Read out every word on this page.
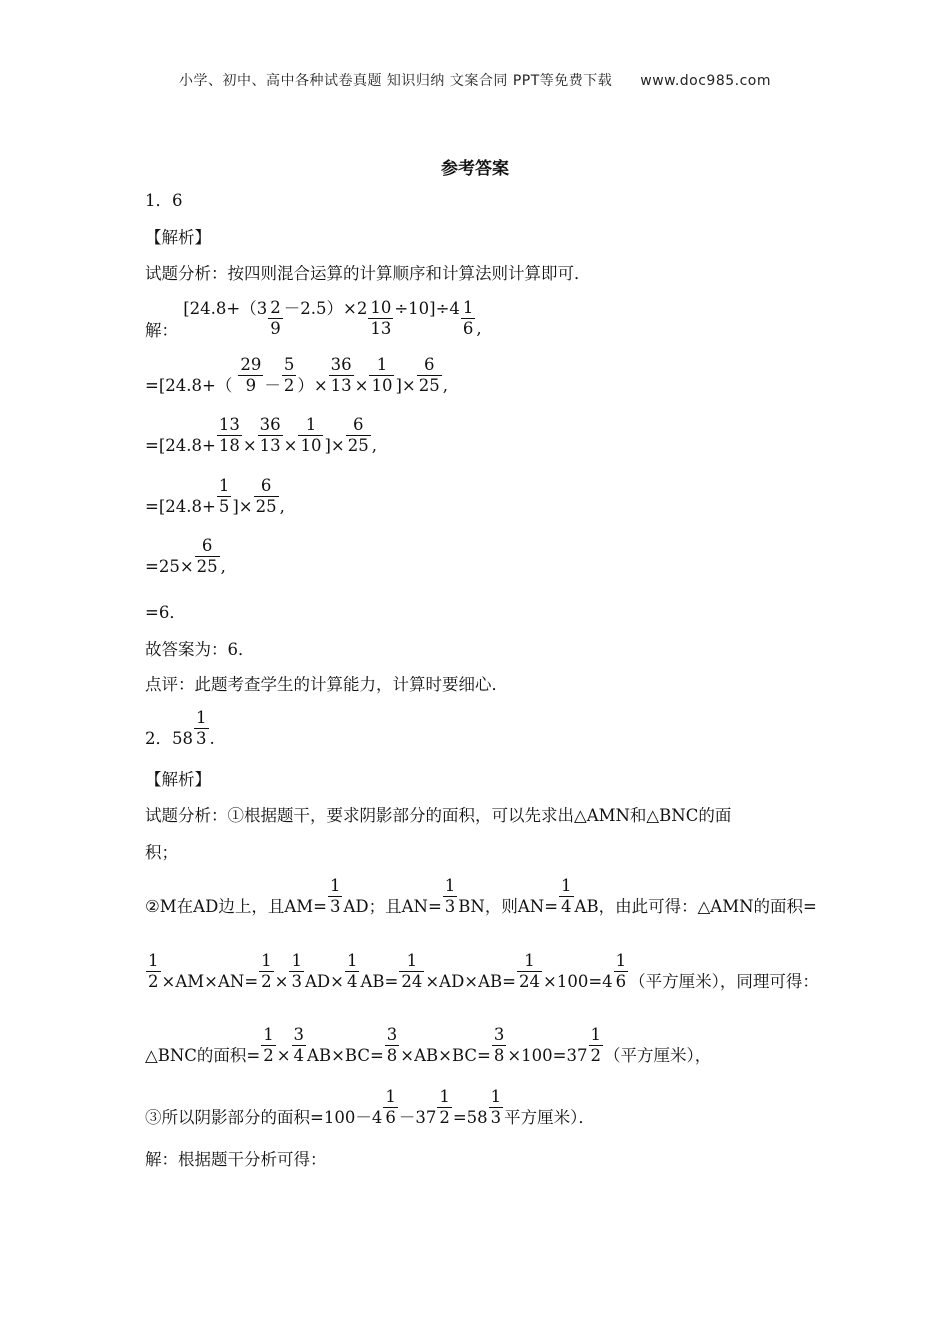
小学、初中、高中各种试卷真题 知识归纳 文案合同 PPT等免费下载 www.doc985.com
参考答案
1．6
【解析】
试题分析：按四则混合运算的计算顺序和计算法则计算即可．
解： $[24.8+(3 \frac{2}{9} -2.5)\times 2 \frac{10}{13} \div 10]\div 4 \frac{1}{6}$ ,
$=[24.8+( \frac{29}{9} - \frac{5}{2}$ ）× $\frac{36}{13} \times \frac{1}{10}$ ]× $\frac{6}{25}$ ,
$=[24.8+ \frac{13}{18} \times \frac{36}{13} \times \frac{1}{10}$ ]× $\frac{6}{25}$ ,
$=[24.8+ \frac{1}{5}$ ]× $\frac{6}{25}$ ,
$=25\times \frac{6}{25}$ ,
=6．
故答案为：6．
点评：此题考查学生的计算能力，计算时要细心．
2．$58 \frac{1}{3}$ .
【解析】
试题分析：①根据题干，要求阴影部分的面积，可以先求出△AMN和△BNC的面
积；
②M在AD边上，且$AM= \frac{1}{3}$ AD；且$AN= \frac{1}{3}$ BN，则$AN= \frac{1}{4}$ AB，由此可得：△AMN的面积=
$\frac{1}{2} \times AM\times AN= \frac{1}{2} \times \frac{1}{3} AD\times \frac{1}{4} AB= \frac{1}{24} \times AD\times AB= \frac{1}{24} \times 100=4 \frac{1}{6}$ （平方厘米），同理可得：
△BNC的面积= $\frac{1}{2} \times \frac{3}{4} AB\times BC= \frac{3}{8} \times AB\times BC= \frac{3}{8} \times 100=37 \frac{1}{2}$ （平方厘米），
③所以阴影部分的面积$=100-4 \frac{1}{6} -37 \frac{1}{2} =58 \frac{1}{3}$ 平方厘米）．
解：根据题干分析可得：
